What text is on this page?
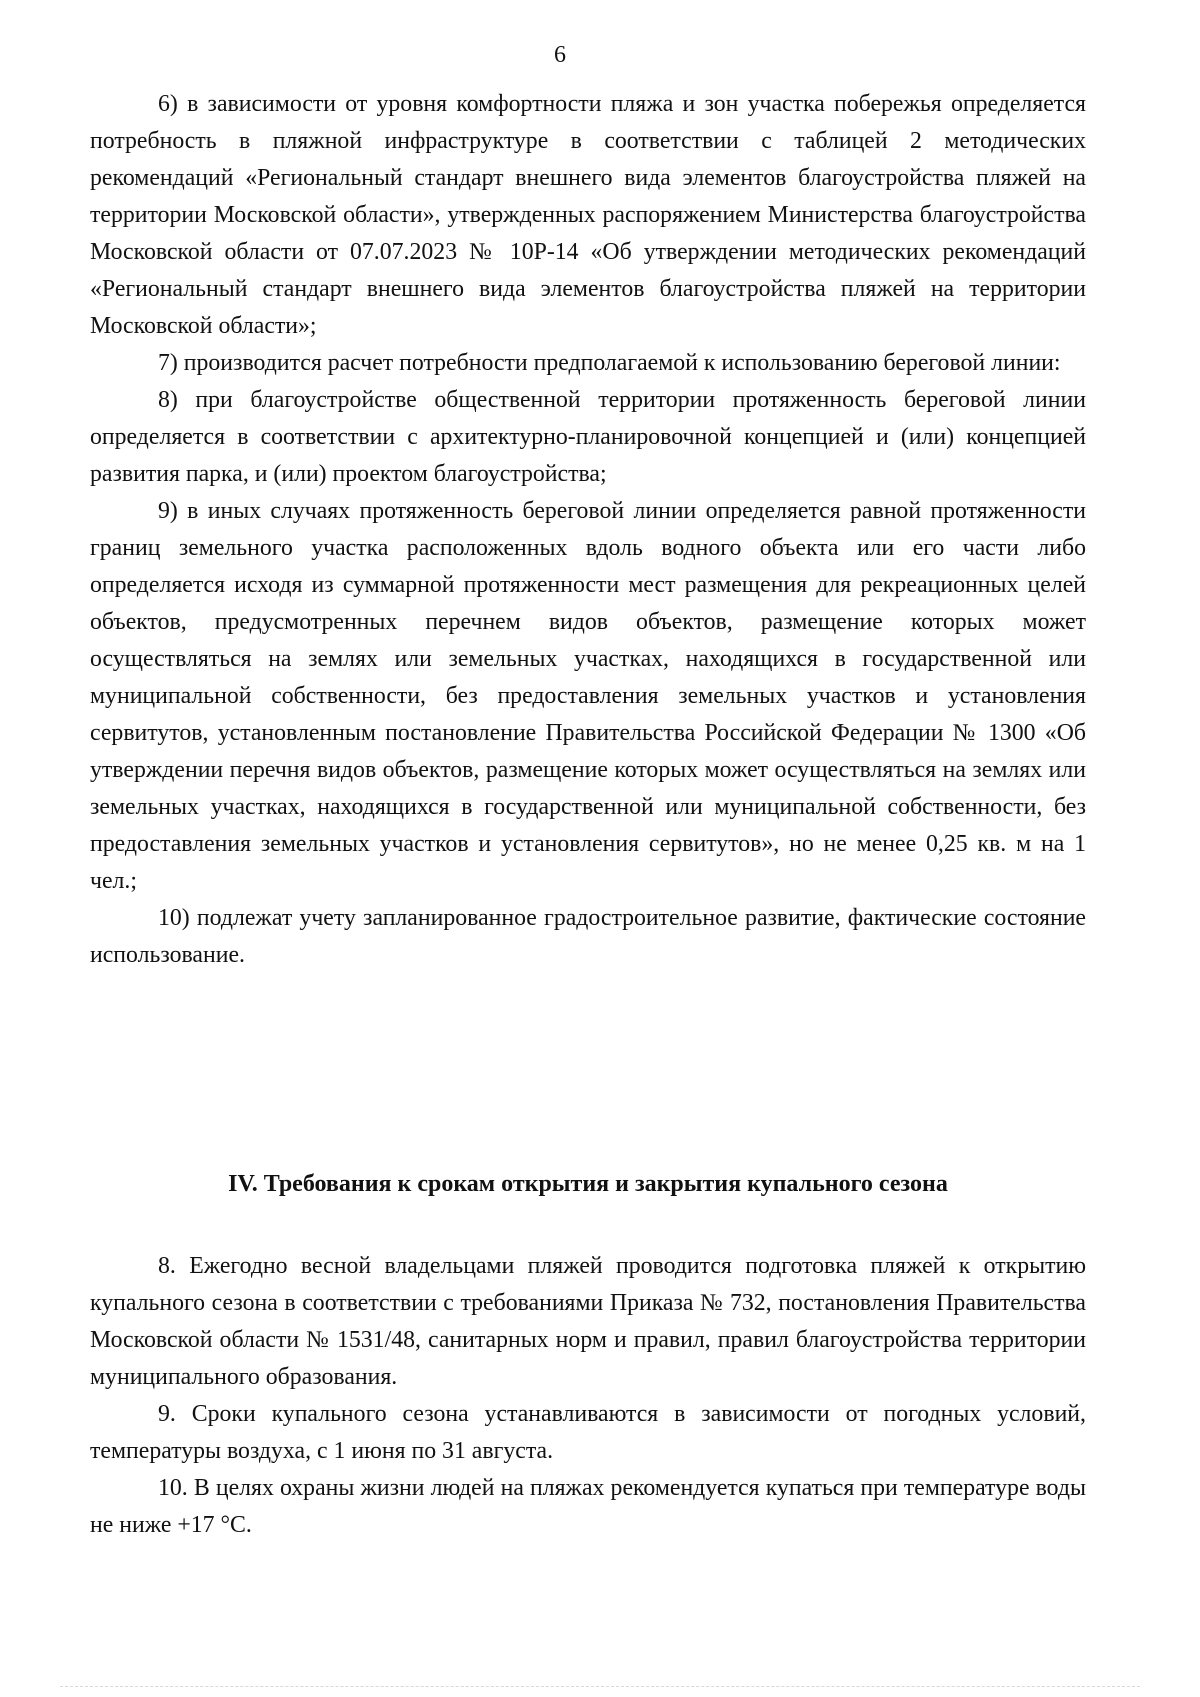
6

6) в зависимости от уровня комфортности пляжа и зон участка побережья определяется потребность в пляжной инфраструктуре в соответствии с таблицей 2 методических рекомендаций «Региональный стандарт внешнего вида элементов благоустройства пляжей на территории Московской области», утвержденных распоряжением Министерства благоустройства Московской области от 07.07.2023 № 10Р-14 «Об утверждении методических рекомендаций «Региональный стандарт внешнего вида элементов благоустройства пляжей на территории Московской области»;

7) производится расчет потребности предполагаемой к использованию береговой линии:

8) при благоустройстве общественной территории протяженность береговой линии определяется в соответствии с архитектурно-планировочной концепцией и (или) концепцией развития парка, и (или) проектом благоустройства;

9) в иных случаях протяженность береговой линии определяется равной протяженности границ земельного участка расположенных вдоль водного объекта или его части либо определяется исходя из суммарной протяженности мест размещения для рекреационных целей объектов, предусмотренных перечнем видов объектов, размещение которых может осуществляться на землях или земельных участках, находящихся в государственной или муниципальной собственности, без предоставления земельных участков и установления сервитутов, установленным постановление Правительства Российской Федерации № 1300 «Об утверждении перечня видов объектов, размещение которых может осуществляться на землях или земельных участках, находящихся в государственной или муниципальной собственности, без предоставления земельных участков и установления сервитутов», но не менее 0,25 кв. м на 1 чел.;

10) подлежат учету запланированное градостроительное развитие, фактические состояние использование.

IV. Требования к срокам открытия и закрытия купального сезона

8. Ежегодно весной владельцами пляжей проводится подготовка пляжей к открытию купального сезона в соответствии с требованиями Приказа № 732, постановления Правительства Московской области № 1531/48, санитарных норм и правил, правил благоустройства территории муниципального образования.

9. Сроки купального сезона устанавливаются в зависимости от погодных условий, температуры воздуха, с 1 июня по 31 августа.

10. В целях охраны жизни людей на пляжах рекомендуется купаться при температуре воды не ниже +17 °С.
